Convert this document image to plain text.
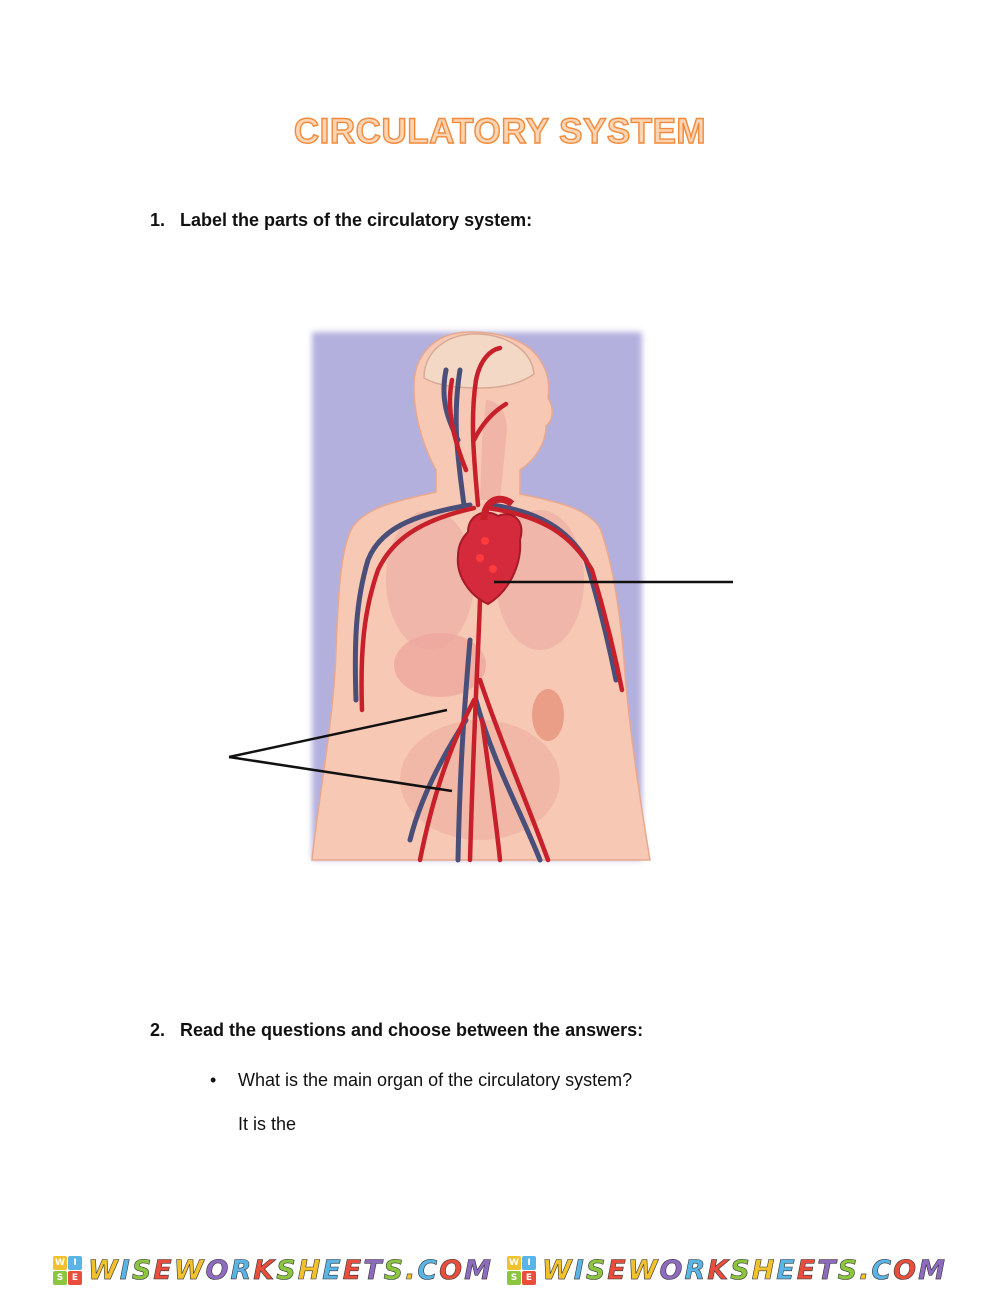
CIRCULATORY SYSTEM
1. Label the parts of the circulatory system:
2. Read the questions and choose between the answers:
• What is the main organ of the circulatory system?
It is the
W I
S E WISEWORKSHEETS.COM W I
S E WISEWORKSHEETS.COM
